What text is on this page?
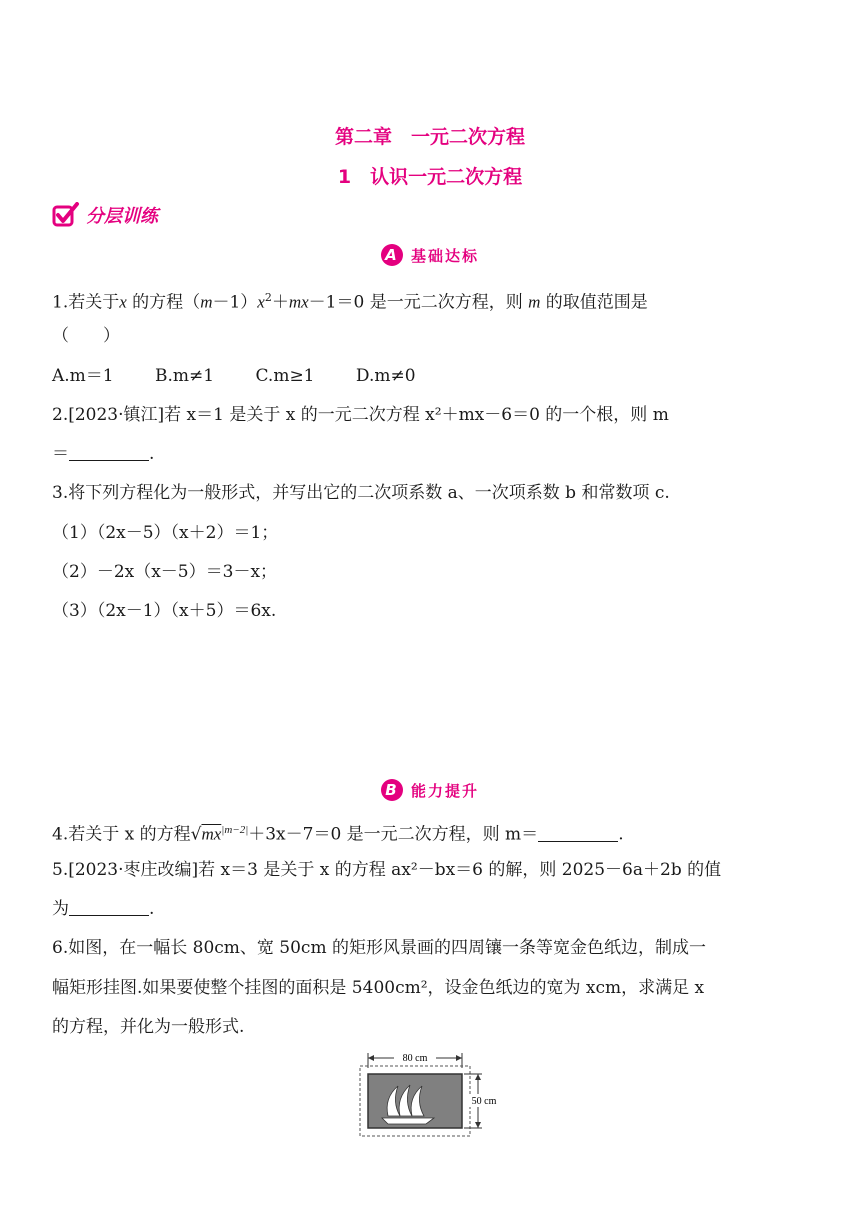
第二章　一元二次方程
1　认识一元二次方程
分层训练
A 基础达标
1.若关于x 的方程$(m-1)x^2+mx-1=0$ 是一元二次方程，则 m 的取值范围是
（　　）
A.m＝1 B.m≠1 C.m≥1 D.m≠0
2.[2023·镇江]若 x＝1 是关于 x 的一元二次方程 x²＋mx－6＝0 的一个根，则 m
＝	.
3.将下列方程化为一般形式，并写出它的二次项系数 a、一次项系数 b 和常数项 c.
（1）（2x－5）（x＋2）＝1；
（2）－2x（x－5）＝3－x；
（3）（2x－1）（x＋5）＝6x.
B 能力提升
4.若关于 x 的方程$√mx^{|m-2|}+3x-7=0$ 是一元二次方程，则 m＝	.
5.[2023·枣庄改编]若 x＝3 是关于 x 的方程 ax²－bx＝6 的解，则 2025－6a＋2b 的值
为	.
6.如图，在一幅长 80cm、宽 50cm 的矩形风景画的四周镶一条等宽金色纸边，制成一
幅矩形挂图.如果要使整个挂图的面积是 5400cm²，设金色纸边的宽为 xcm，求满足 x
的方程，并化为一般形式.
80 cm
50 cm
